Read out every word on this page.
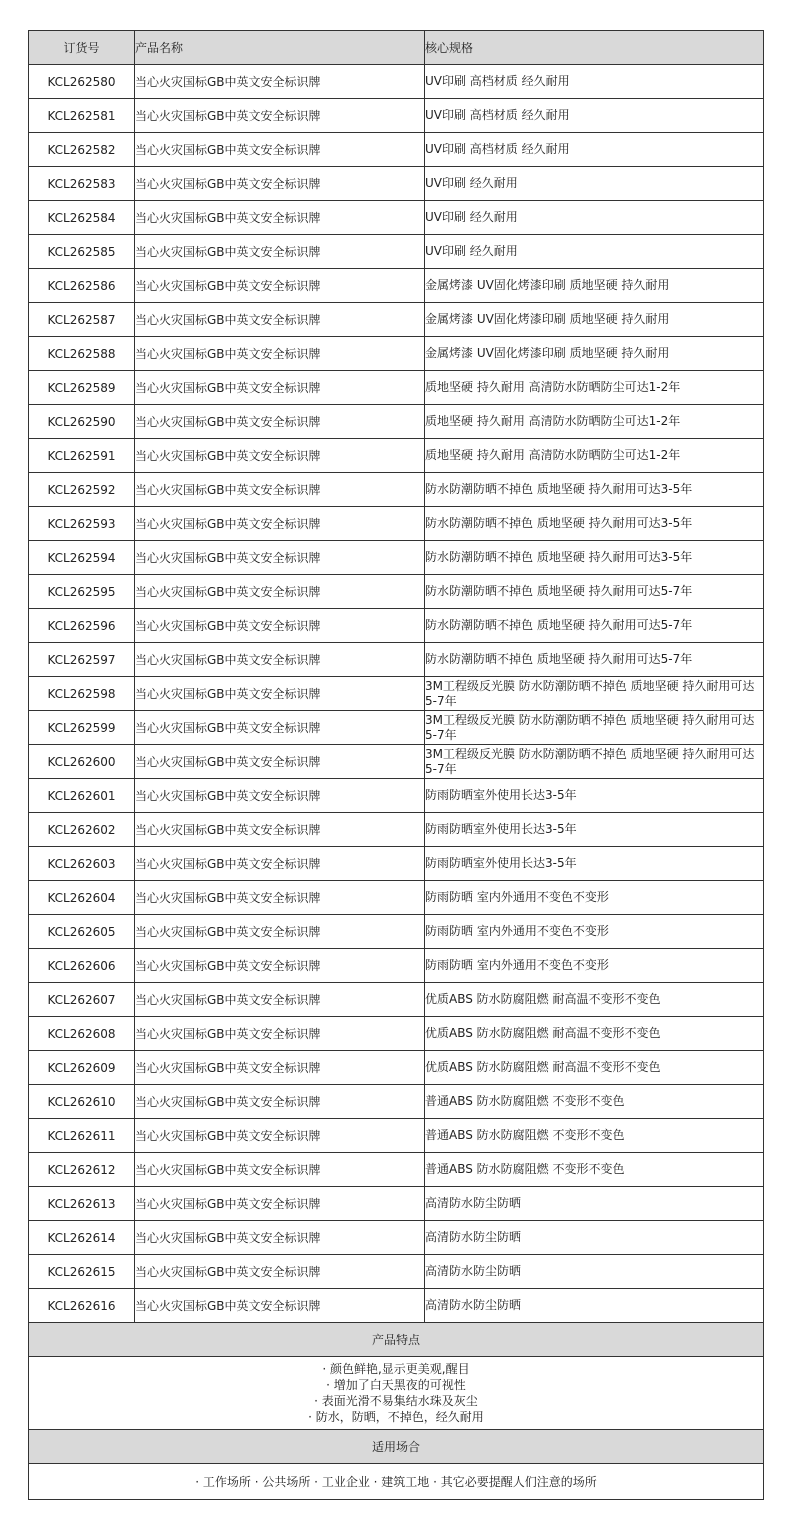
订货号	产品名称	核心规格
KCL262580	当心火灾国标GB中英文安全标识牌	UV印刷 高档材质 经久耐用
KCL262581	当心火灾国标GB中英文安全标识牌	UV印刷 高档材质 经久耐用
KCL262582	当心火灾国标GB中英文安全标识牌	UV印刷 高档材质 经久耐用
KCL262583	当心火灾国标GB中英文安全标识牌	UV印刷 经久耐用
KCL262584	当心火灾国标GB中英文安全标识牌	UV印刷 经久耐用
KCL262585	当心火灾国标GB中英文安全标识牌	UV印刷 经久耐用
KCL262586	当心火灾国标GB中英文安全标识牌	金属烤漆 UV固化烤漆印刷 质地坚硬 持久耐用
KCL262587	当心火灾国标GB中英文安全标识牌	金属烤漆 UV固化烤漆印刷 质地坚硬 持久耐用
KCL262588	当心火灾国标GB中英文安全标识牌	金属烤漆 UV固化烤漆印刷 质地坚硬 持久耐用
KCL262589	当心火灾国标GB中英文安全标识牌	质地坚硬 持久耐用 高清防水防晒防尘可达1-2年
KCL262590	当心火灾国标GB中英文安全标识牌	质地坚硬 持久耐用 高清防水防晒防尘可达1-2年
KCL262591	当心火灾国标GB中英文安全标识牌	质地坚硬 持久耐用 高清防水防晒防尘可达1-2年
KCL262592	当心火灾国标GB中英文安全标识牌	防水防潮防晒不掉色 质地坚硬 持久耐用可达3-5年
KCL262593	当心火灾国标GB中英文安全标识牌	防水防潮防晒不掉色 质地坚硬 持久耐用可达3-5年
KCL262594	当心火灾国标GB中英文安全标识牌	防水防潮防晒不掉色 质地坚硬 持久耐用可达3-5年
KCL262595	当心火灾国标GB中英文安全标识牌	防水防潮防晒不掉色 质地坚硬 持久耐用可达5-7年
KCL262596	当心火灾国标GB中英文安全标识牌	防水防潮防晒不掉色 质地坚硬 持久耐用可达5-7年
KCL262597	当心火灾国标GB中英文安全标识牌	防水防潮防晒不掉色 质地坚硬 持久耐用可达5-7年
KCL262598	当心火灾国标GB中英文安全标识牌	3M工程级反光膜 防水防潮防晒不掉色 质地坚硬 持久耐用可达5-7年
KCL262599	当心火灾国标GB中英文安全标识牌	3M工程级反光膜 防水防潮防晒不掉色 质地坚硬 持久耐用可达5-7年
KCL262600	当心火灾国标GB中英文安全标识牌	3M工程级反光膜 防水防潮防晒不掉色 质地坚硬 持久耐用可达5-7年
KCL262601	当心火灾国标GB中英文安全标识牌	防雨防晒室外使用长达3-5年
KCL262602	当心火灾国标GB中英文安全标识牌	防雨防晒室外使用长达3-5年
KCL262603	当心火灾国标GB中英文安全标识牌	防雨防晒室外使用长达3-5年
KCL262604	当心火灾国标GB中英文安全标识牌	防雨防晒 室内外通用不变色不变形
KCL262605	当心火灾国标GB中英文安全标识牌	防雨防晒 室内外通用不变色不变形
KCL262606	当心火灾国标GB中英文安全标识牌	防雨防晒 室内外通用不变色不变形
KCL262607	当心火灾国标GB中英文安全标识牌	优质ABS 防水防腐阻燃 耐高温不变形不变色
KCL262608	当心火灾国标GB中英文安全标识牌	优质ABS 防水防腐阻燃 耐高温不变形不变色
KCL262609	当心火灾国标GB中英文安全标识牌	优质ABS 防水防腐阻燃 耐高温不变形不变色
KCL262610	当心火灾国标GB中英文安全标识牌	普通ABS 防水防腐阻燃 不变形不变色
KCL262611	当心火灾国标GB中英文安全标识牌	普通ABS 防水防腐阻燃 不变形不变色
KCL262612	当心火灾国标GB中英文安全标识牌	普通ABS 防水防腐阻燃 不变形不变色
KCL262613	当心火灾国标GB中英文安全标识牌	高清防水防尘防晒
KCL262614	当心火灾国标GB中英文安全标识牌	高清防水防尘防晒
KCL262615	当心火灾国标GB中英文安全标识牌	高清防水防尘防晒
KCL262616	当心火灾国标GB中英文安全标识牌	高清防水防尘防晒
产品特点		

· 颜色鲜艳,显示更美观,醒目
· 增加了白天黑夜的可视性
· 表面光滑不易集结水珠及灰尘
· 防水，防晒，不掉色，经久耐用		

适用场合		
· 工作场所 · 公共场所 · 工业企业 · 建筑工地 · 其它必要提醒人们注意的场所		
